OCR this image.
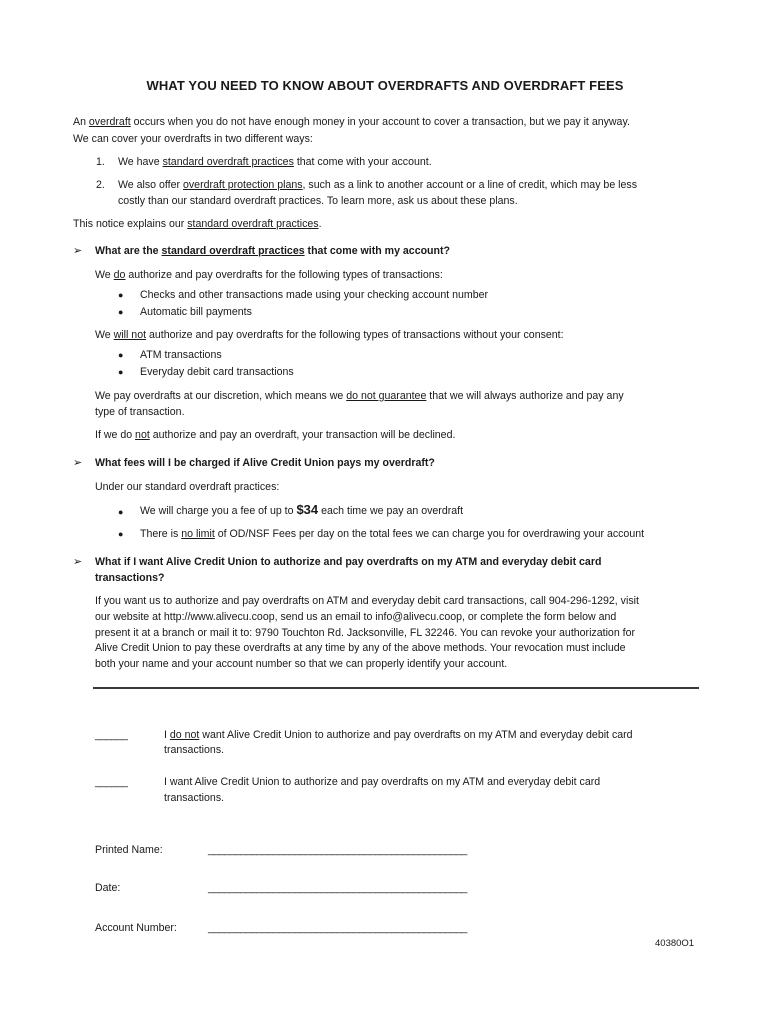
WHAT YOU NEED TO KNOW ABOUT OVERDRAFTS AND OVERDRAFT FEES
An overdraft occurs when you do not have enough money in your account to cover a transaction, but we pay it anyway.
We can cover your overdrafts in two different ways:
1. We have standard overdraft practices that come with your account.
2. We also offer overdraft protection plans, such as a link to another account or a line of credit, which may be less
costly than our standard overdraft practices. To learn more, ask us about these plans.
This notice explains our standard overdraft practices.
➢ What are the standard overdraft practices that come with my account?
We do authorize and pay overdrafts for the following types of transactions:
● Checks and other transactions made using your checking account number
● Automatic bill payments
We will not authorize and pay overdrafts for the following types of transactions without your consent:
● ATM transactions
● Everyday debit card transactions
We pay overdrafts at our discretion, which means we do not guarantee that we will always authorize and pay any
type of transaction.
If we do not authorize and pay an overdraft, your transaction will be declined.
➢ What fees will I be charged if Alive Credit Union pays my overdraft?
Under our standard overdraft practices:
● We will charge you a fee of up to $34 each time we pay an overdraft
● There is no limit of OD/NSF Fees per day on the total fees we can charge you for overdrawing your account
➢ What if I want Alive Credit Union to authorize and pay overdrafts on my ATM and everyday debit card
transactions?
If you want us to authorize and pay overdrafts on ATM and everyday debit card transactions, call 904-296-1292, visit
our website at http://www.alivecu.coop, send us an email to info@alivecu.coop, or complete the form below and
present it at a branch or mail it to: 9790 Touchton Rd. Jacksonville, FL 32246. You can revoke your authorization for
Alive Credit Union to pay these overdrafts at any time by any of the above methods. Your revocation must include
both your name and your account number so that we can properly identify your account.
______	I do not want Alive Credit Union to authorize and pay overdrafts on my ATM and everyday debit card
transactions.
______	I want Alive Credit Union to authorize and pay overdrafts on my ATM and everyday debit card
transactions.
Printed Name:	________________________________________________
Date:	________________________________________________
Account Number:	________________________________________________
40380O1
